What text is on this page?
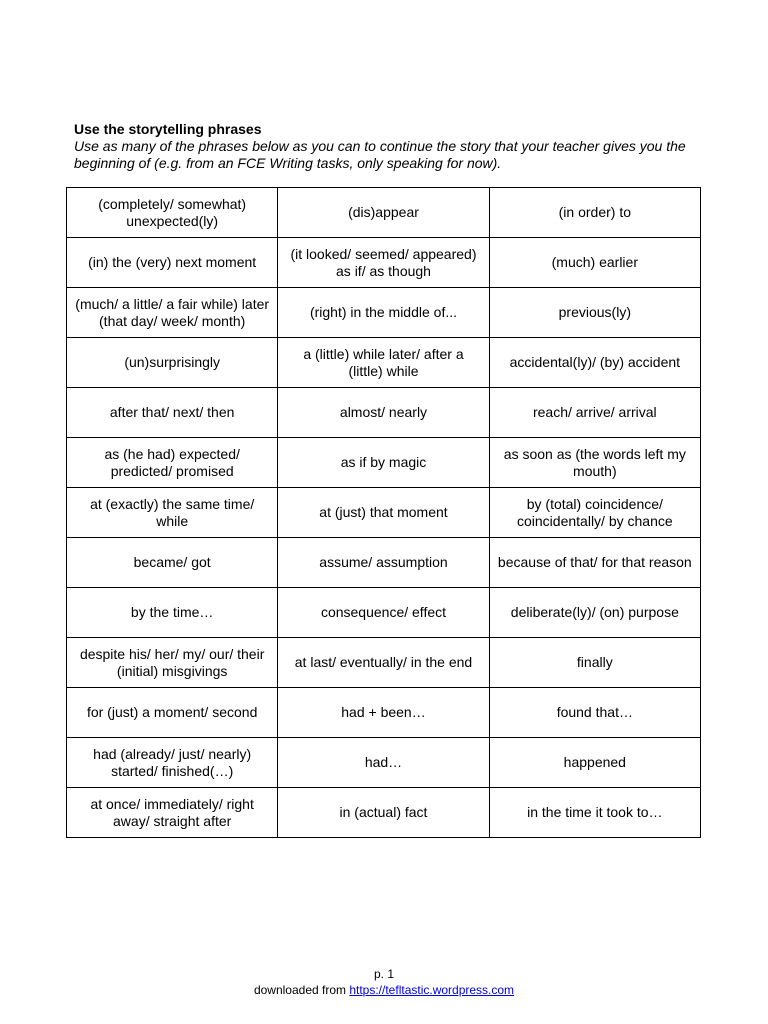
Use the storytelling phrases
Use as many of the phrases below as you can to continue the story that your teacher gives you the beginning of (e.g. from an FCE Writing tasks, only speaking for now).
(completely/ somewhat) unexpected(ly)	(dis)appear	(in order) to
(in) the (very) next moment	(it looked/ seemed/ appeared) as if/ as though	(much) earlier
(much/ a little/ a fair while) later (that day/ week/ month)	(right) in the middle of...	previous(ly)
(un)surprisingly	a (little) while later/ after a (little) while	accidental(ly)/ (by) accident
after that/ next/ then	almost/ nearly	reach/ arrive/ arrival
as (he had) expected/ predicted/ promised	as if by magic	as soon as (the words left my mouth)
at (exactly) the same time/ while	at (just) that moment	by (total) coincidence/ coincidentally/ by chance
became/ got	assume/ assumption	because of that/ for that reason
by the time…	consequence/ effect	deliberate(ly)/ (on) purpose
despite his/ her/ my/ our/ their (initial) misgivings	at last/ eventually/ in the end	finally
for (just) a moment/ second	had + been…	found that…
had (already/ just/ nearly) started/ finished(…)	had…	happened
at once/ immediately/ right away/ straight after	in (actual) fact	in the time it took to…
p. 1
downloaded from https://tefltastic.wordpress.com
